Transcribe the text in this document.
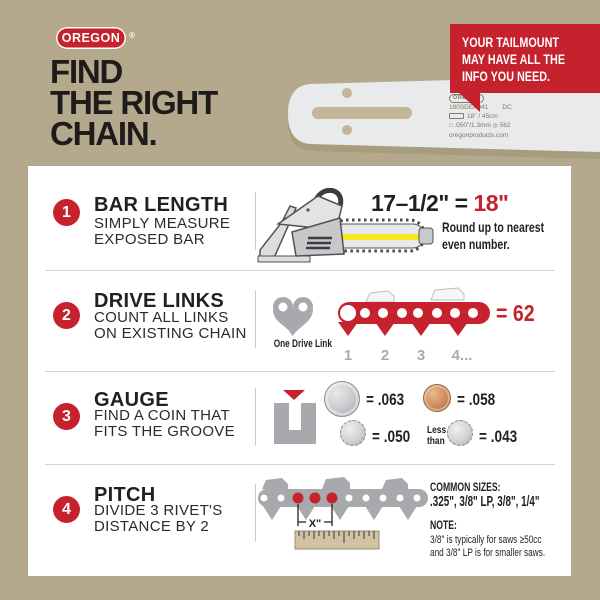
OREGON	®
FIND
THE RIGHT
CHAIN.
OREGON
180SDEA041 DC
18" / 45cm
□ .050"/1.3mm ◎ 562
oregonproducts.com
YOUR TAILMOUNT
MAY HAVE ALL THE
INFO YOU NEED.
1	BAR LENGTH
SIMPLY MEASURE
EXPOSED BAR
17–1/2" = 18"
Round up to nearest
even number.
2
DRIVE LINKS
COUNT ALL LINKS
ON EXISTING CHAIN
One Drive Link
1 2 3 4...
= 62
3
GAUGE
FIND A COIN THAT
FITS THE GROOVE
= .063	= .058
= .050 Less
than = .043
4
PITCH
DIVIDE 3 RIVET'S
DISTANCE BY 2	X"
COMMON SIZES:
.325", 3/8" LP, 3/8", 1/4"
NOTE:
3/8" is typically for saws ≥50cc
and 3/8" LP is for smaller saws.
